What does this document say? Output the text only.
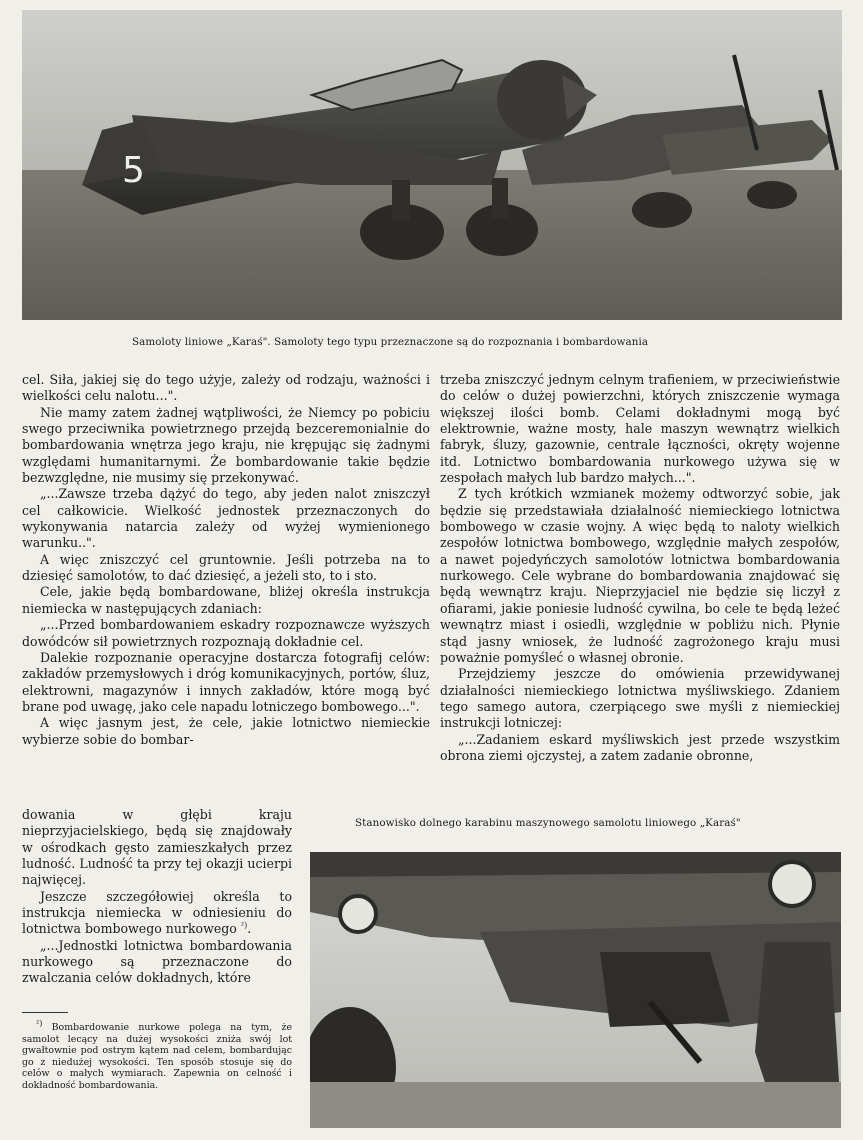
5
Samoloty liniowe „Karaś". Samoloty tego typu przeznaczone są do rozpoznania i bombardowania

cel. Siła, jakiej się do tego użyje, zależy od rodzaju, ważności i wielkości celu nalotu...".

Nie mamy zatem żadnej wątpliwości, że Niemcy po pobiciu swego przeciwnika powietrznego przejdą bezceremonialnie do bombardowania wnętrza jego kraju, nie krępując się żadnymi względami humanitarnymi. Że bombardowanie takie będzie bezwzględne, nie musimy się przekonywać.

„...Zawsze trzeba dążyć do tego, aby jeden nalot zniszczył cel całkowicie. Wielkość jednostek przeznaczonych do wykonywania natarcia zależy od wyżej wymienionego warunku..".

A więc zniszczyć cel gruntownie. Jeśli potrzeba na to dziesięć samolotów, to dać dziesięć, a jeżeli sto, to i sto.

Cele, jakie będą bombardowane, bliżej określa instrukcja niemiecka w następujących zdaniach:

„...Przed bombardowaniem eskadry rozpoznawcze wyższych dowódców sił powietrznych rozpoznają dokładnie cel.

Dalekie rozpoznanie operacyjne dostarcza fotografij celów: zakładów przemysłowych i dróg komunikacyjnych, portów, śluz, elektrowni, magazynów i innych zakładów, które mogą być brane pod uwagę, jako cele napadu lotniczego bombowego...".

A więc jasnym jest, że cele, jakie lotnictwo niemieckie wybierze sobie do bombar-

dowania w głębi kraju nieprzyjacielskiego, będą się znajdowały w ośrodkach gęsto zamieszkałych przez ludność. Ludność ta przy tej okazji ucierpi najwięcej.

Jeszcze szczegółowiej określa to instrukcja niemiecka w odniesieniu do lotnictwa bombowego nurkowego $^{^2)}$.

„...Jednostki lotnictwa bombardowania nurkowego są przeznaczone do zwalczania celów dokładnych, które

$^{^2)}$ Bombardowanie nurkowe polega na tym, że samolot lecący na dużej wysokości zniża swój lot gwałtownie pod ostrym kątem nad celem, bombardując go z niedużej wysokości. Ten sposób stosuje się do celów o małych wymiarach. Zapewnia on celność i dokładność bombardowania.

trzeba zniszczyć jednym celnym trafieniem, w przeciwieństwie do celów o dużej powierzchni, których zniszczenie wymaga większej ilości bomb. Celami dokładnymi mogą być elektrownie, ważne mosty, hale maszyn wewnątrz wielkich fabryk, śluzy, gazownie, centrale łączności, okręty wojenne itd. Lotnictwo bombardowania nurkowego używa się w zespołach małych lub bardzo małych...".

Z tych krótkich wzmianek możemy odtworzyć sobie, jak będzie się przedstawiała działalność niemieckiego lotnictwa bombowego w czasie wojny. A więc będą to naloty wielkich zespołów lotnictwa bombowego, względnie małych zespołów, a nawet pojedyńczych samolotów lotnictwa bombardowania nurkowego. Cele wybrane do bombardowania znajdować się będą wewnątrz kraju. Nieprzyjaciel nie będzie się liczył z ofiarami, jakie poniesie ludność cywilna, bo cele te będą leżeć wewnątrz miast i osiedli, względnie w pobliżu nich. Płynie stąd jasny wniosek, że ludność zagrożonego kraju musi poważnie pomyśleć o własnej obronie.

Przejdziemy jeszcze do omówienia przewidywanej działalności niemieckiego lotnictwa myśliwskiego. Zdaniem tego samego autora, czerpiącego swe myśli z niemieckiej instrukcji lotniczej:

„...Zadaniem eskard myśliwskich jest przede wszystkim obrona ziemi ojczystej, a zatem zadanie obronne,

Stanowisko dolnego karabinu maszynowego samolotu liniowego „Karaś"
